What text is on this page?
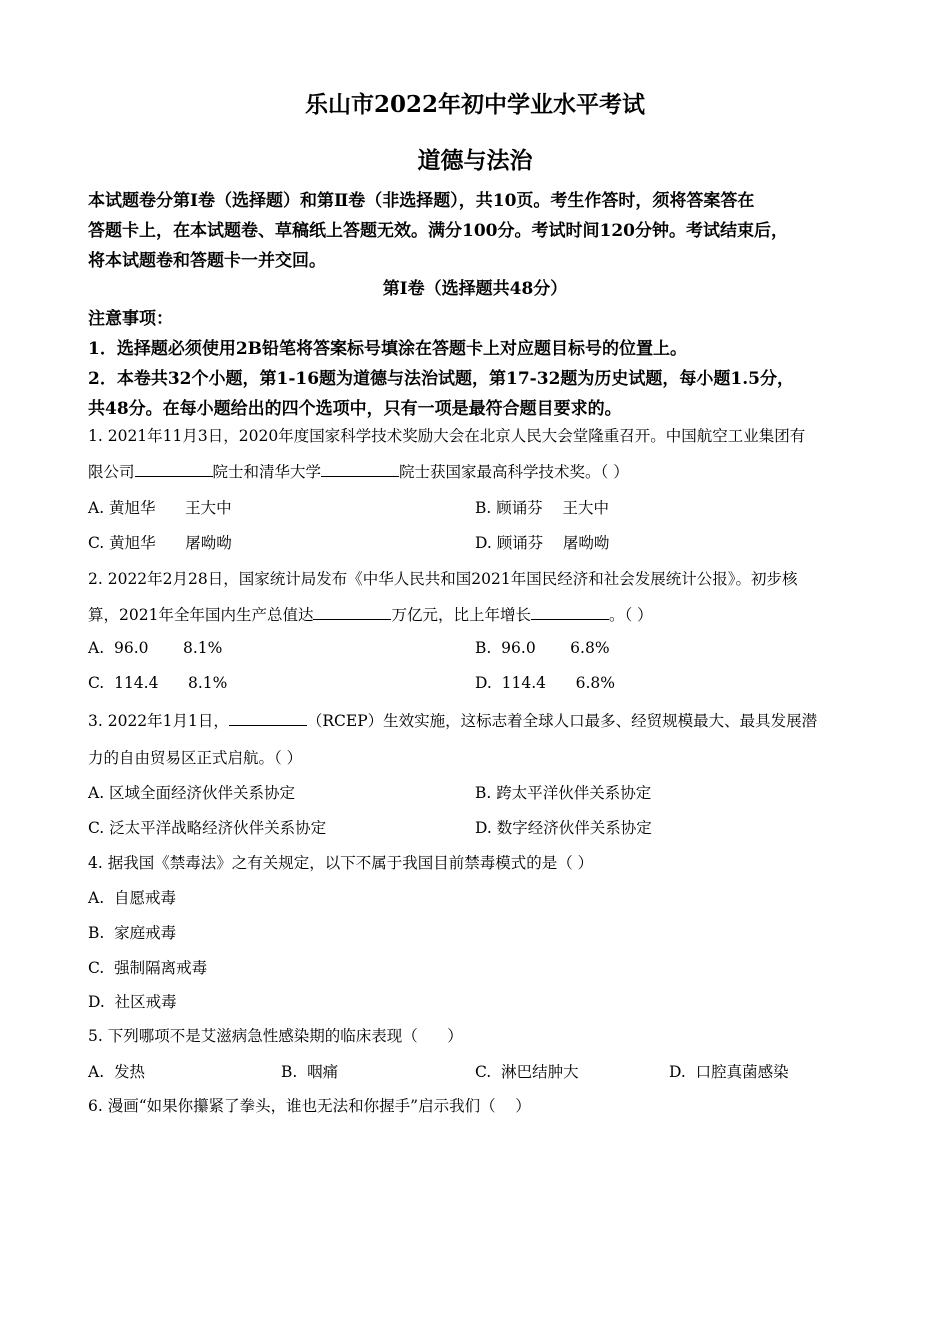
乐山市2022年初中学业水平考试
道德与法治
本试题卷分第Ⅰ卷（选择题）和第Ⅱ卷（非选择题），共10页。考生作答时，须将答案答在
答题卡上，在本试题卷、草稿纸上答题无效。满分100分。考试时间120分钟。考试结束后，
将本试题卷和答题卡一并交回。
第Ⅰ卷（选择题共48分）
注意事项：
1．选择题必须使用2B铅笔将答案标号填涂在答题卡上对应题目标号的位置上。
2．本卷共32个小题，第1-16题为道德与法治试题，第17-32题为历史试题，每小题1.5分，
共48分。在每小题给出的四个选项中，只有一项是最符合题目要求的。
1. 2021年11月3日，2020年度国家科学技术奖励大会在北京人民大会堂隆重召开。中国航空工业集团有
限公司	院士和清华大学	院士获国家最高科学技术奖。（ ）
A. 黄旭华      王大中	B. 顾诵芬    王大中
C. 黄旭华      屠呦呦	D. 顾诵芬    屠呦呦
2. 2022年2月28日，国家统计局发布《中华人民共和国2021年国民经济和社会发展统计公报》。初步核
算，2021年全年国内生产总值达	万亿元，比上年增长	。（ ）
A.  96.0       8.1%	B.  96.0       6.8%
C.  114.4      8.1%	D.  114.4      6.8%
3. 2022年1月1日，	（RCEP）生效实施，这标志着全球人口最多、经贸规模最大、最具发展潜
力的自由贸易区正式启航。（ ）
A. 区域全面经济伙伴关系协定	B. 跨太平洋伙伴关系协定
C. 泛太平洋战略经济伙伴关系协定	D. 数字经济伙伴关系协定
4. 据我国《禁毒法》之有关规定，以下不属于我国目前禁毒模式的是（ ）
A.  自愿戒毒
B.  家庭戒毒
C.  强制隔离戒毒
D.  社区戒毒
5. 下列哪项不是艾滋病急性感染期的临床表现（      ）
A.  发热	B.  咽痛	C.  淋巴结肿大	D.  口腔真菌感染
6. 漫画“如果你攥紧了拳头，谁也无法和你握手”启示我们（    ）
